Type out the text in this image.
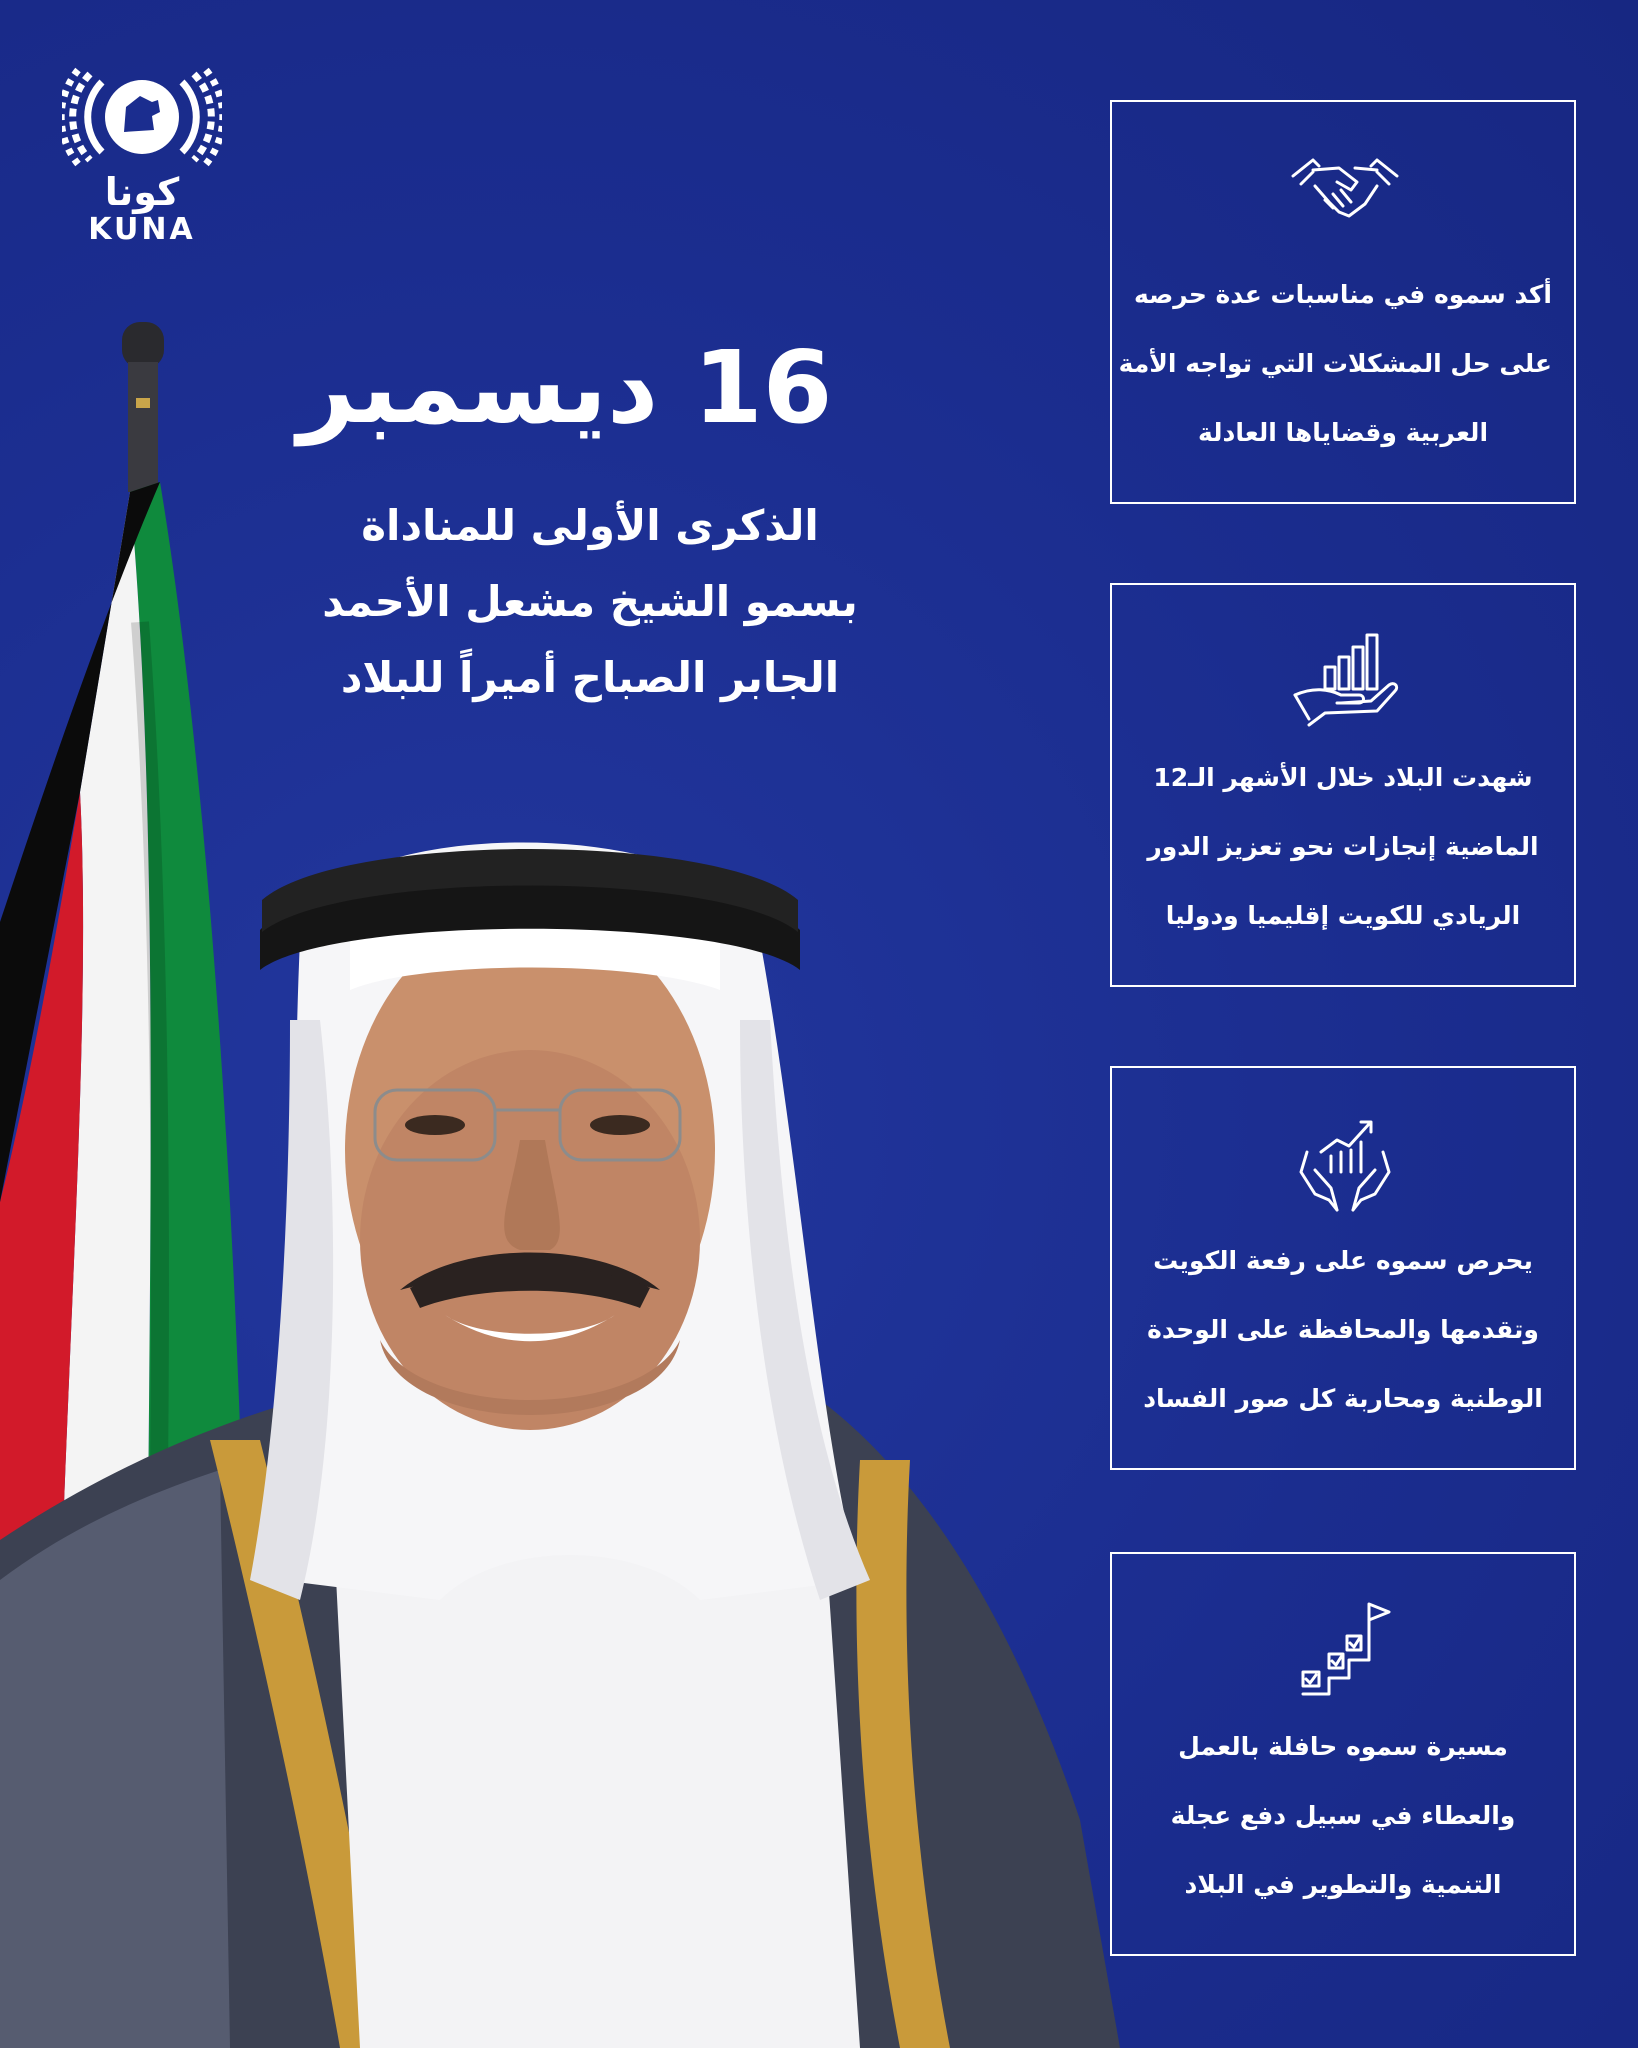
كونا
KUNA
16 ديسمبر
الذكرى الأولى للمناداة
بسمو الشيخ مشعل الأحمد
الجابر الصباح أميراً للبلاد
أكد سموه في مناسبات عدة حرصه
على حل المشكلات التي تواجه الأمة
العربية وقضاياها العادلة
شهدت البلاد خلال الأشهر الـ12
الماضية إنجازات نحو تعزيز الدور
الريادي للكويت إقليميا ودوليا
يحرص سموه على رفعة الكويت
وتقدمها والمحافظة على الوحدة
الوطنية ومحاربة كل صور الفساد
مسيرة سموه حافلة بالعمل
والعطاء في سبيل دفع عجلة
التنمية والتطوير في البلاد
